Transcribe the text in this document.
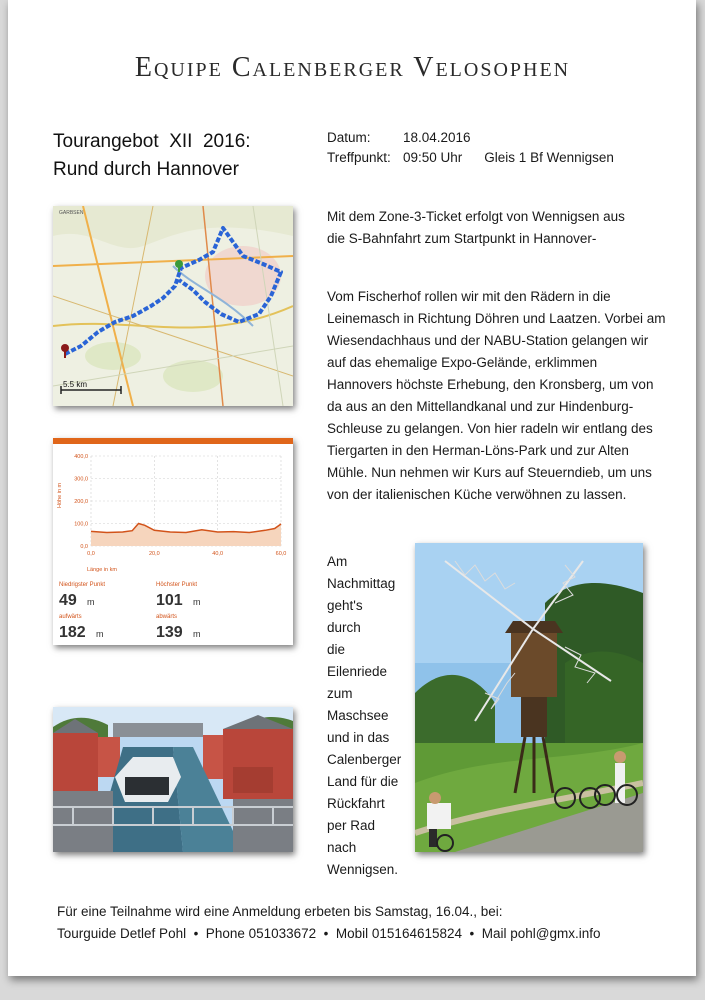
Equipe Calenberger Velosophen
Tourangebot  XII  2016:
Rund durch Hannover
Datum: 18.04.2016
Treffpunkt: 09:50 Uhr Gleis 1 Bf Wennigsen
Mit dem Zone-3-Ticket erfolgt von Wennigsen aus
die S-Bahnfahrt zum Startpunkt in Hannover-
Vom Fischerhof rollen wir mit den Rädern in die
Leinemasch in Richtung Döhren und Laatzen. Vorbei am
Wiesendachhaus und der NABU-Station gelangen wir
auf das ehemalige Expo-Gelände, erklimmen
Hannovers höchste Erhebung, den Kronsberg, um von
da aus an den Mittellandkanal und zur Hindenburg-
Schleuse zu gelangen. Von hier radeln wir entlang des
Tiergarten in den Herman-Löns-Park und zur Alten
Mühle. Nun nehmen wir Kurs auf Steuerndieb, um uns
von der italienischen Küche verwöhnen zu lassen.
Am
Nachmittag
geht's durch
die
Eilenriede
zum
Maschsee
und in das
Calenberger
Land für die
Rückfahrt
per Rad
nach
Wennigsen.
5.5 km
GARBSEN
0,0
100,0
200,0
300,0
400,0
0,0	20,0	40,0	60,0
Länge in km
Höhe in m
Niedrigster Punkt
49 m
Höchster Punkt
101 m
aufwärts
182 m
abwärts
139 m
Für eine Teilnahme wird eine Anmeldung erbeten bis Samstag, 16.04., bei:
Tourguide Detlef Pohl  •  Phone 051033672  •  Mobil 015164615824  •  Mail pohl@gmx.info
